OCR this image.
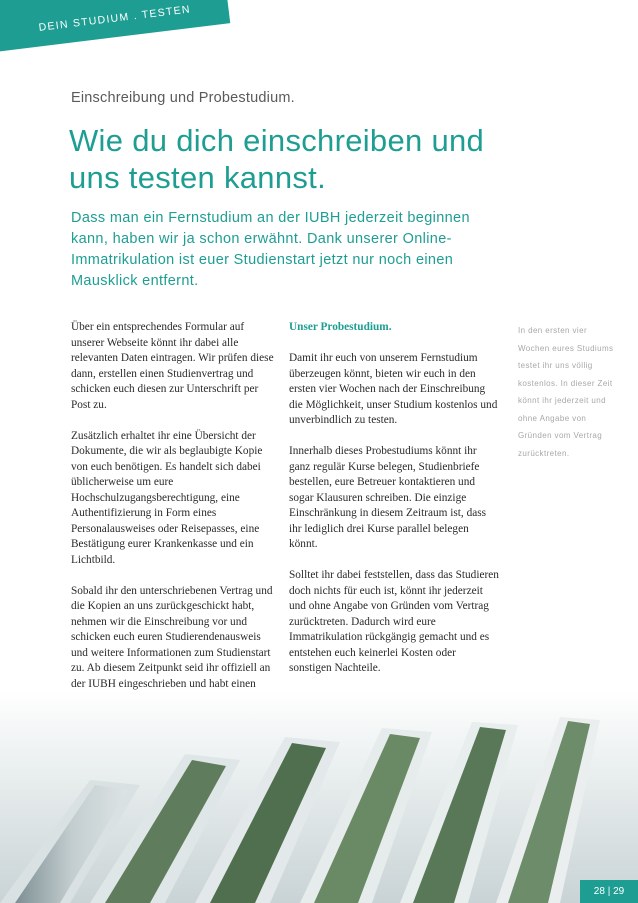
DEIN STUDIUM . TESTEN
Einschreibung und Probestudium.
Wie du dich einschreiben und uns testen kannst.
Dass man ein Fernstudium an der IUBH jederzeit beginnen kann, haben wir ja schon erwähnt. Dank unserer Online-Immatrikulation ist euer Studienstart jetzt nur noch einen Mausklick entfernt.

Über ein entsprechendes Formular auf unserer Webseite könnt ihr dabei alle relevanten Daten eintragen. Wir prüfen diese dann, erstellen einen Studienvertrag und schicken euch diesen zur Unterschrift per Post zu.

Zusätzlich erhaltet ihr eine Übersicht der Dokumente, die wir als beglaubigte Kopie von euch benötigen. Es handelt sich dabei üblicherweise um eure Hochschulzugangsberechtigung, eine Authentifizierung in Form eines Personalausweises oder Reisepasses, eine Bestätigung eurer Krankenkasse und ein Lichtbild.

Sobald ihr den unterschriebenen Vertrag und die Kopien an uns zurückgeschickt habt, nehmen wir die Einschreibung vor und schicken euch euren Studierendenausweis und weitere Informationen zum Studienstart zu. Ab diesem Zeitpunkt seid ihr offiziell an der IUBH eingeschrieben und habt einen

Unser Probestudium.

Damit ihr euch von unserem Fernstudium überzeugen könnt, bieten wir euch in den ersten vier Wochen nach der Einschreibung die Möglichkeit, unser Studium kostenlos und unverbindlich zu testen.

Innerhalb dieses Probestudiums könnt ihr ganz regulär Kurse belegen, Studienbriefe bestellen, eure Betreuer kontaktieren und sogar Klausuren schreiben. Die einzige Einschränkung in diesem Zeitraum ist, dass ihr lediglich drei Kurse parallel belegen könnt.

Solltet ihr dabei feststellen, dass das Studieren doch nichts für euch ist, könnt ihr jederzeit und ohne Angabe von Gründen vom Vertrag zurücktreten. Dadurch wird eure Immatrikulation rückgängig gemacht und es entstehen euch keinerlei Kosten oder sonstigen Nachteile.

In den ersten vier Wochen eures Studiums testet ihr uns völlig kostenlos. In dieser Zeit könnt ihr jederzeit und ohne Angabe von Gründen vom Vertrag zurücktreten.
28 | 29
